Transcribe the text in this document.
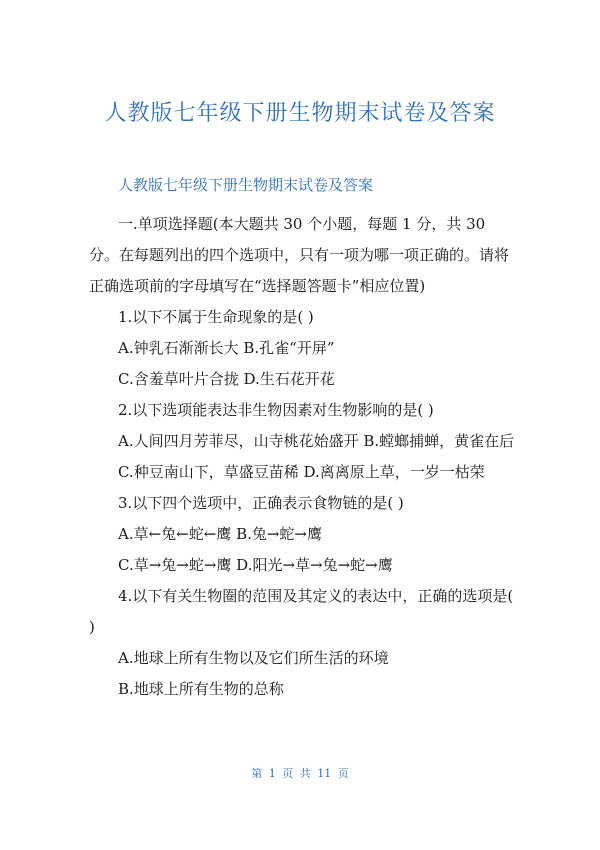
人教版七年级下册生物期末试卷及答案
人教版七年级下册生物期末试卷及答案

一.单项选择题(本大题共 30 个小题，每题 1 分，共 30 分。在每题列出的四个选项中，只有一项为哪一项正确的。请将正确选项前的字母填写在“选择题答题卡”相应位置)

1.以下不属于生命现象的是( )

A.钟乳石渐渐长大 B.孔雀“开屏”

C.含羞草叶片合拢 D.生石花开花

2.以下选项能表达非生物因素对生物影响的是( )

A.人间四月芳菲尽，山寺桃花始盛开 B.螳螂捕蝉，黄雀在后

C.种豆南山下，草盛豆苗稀 D.离离原上草，一岁一枯荣

3.以下四个选项中，正确表示食物链的是( )

A.草←兔←蛇←鹰 B.兔→蛇→鹰

C.草→兔→蛇→鹰 D.阳光→草→兔→蛇→鹰

4.以下有关生物圈的范围及其定义的表达中，正确的选项是( )

A.地球上所有生物以及它们所生活的环境

B.地球上所有生物的总称

第 1 页 共 11 页
